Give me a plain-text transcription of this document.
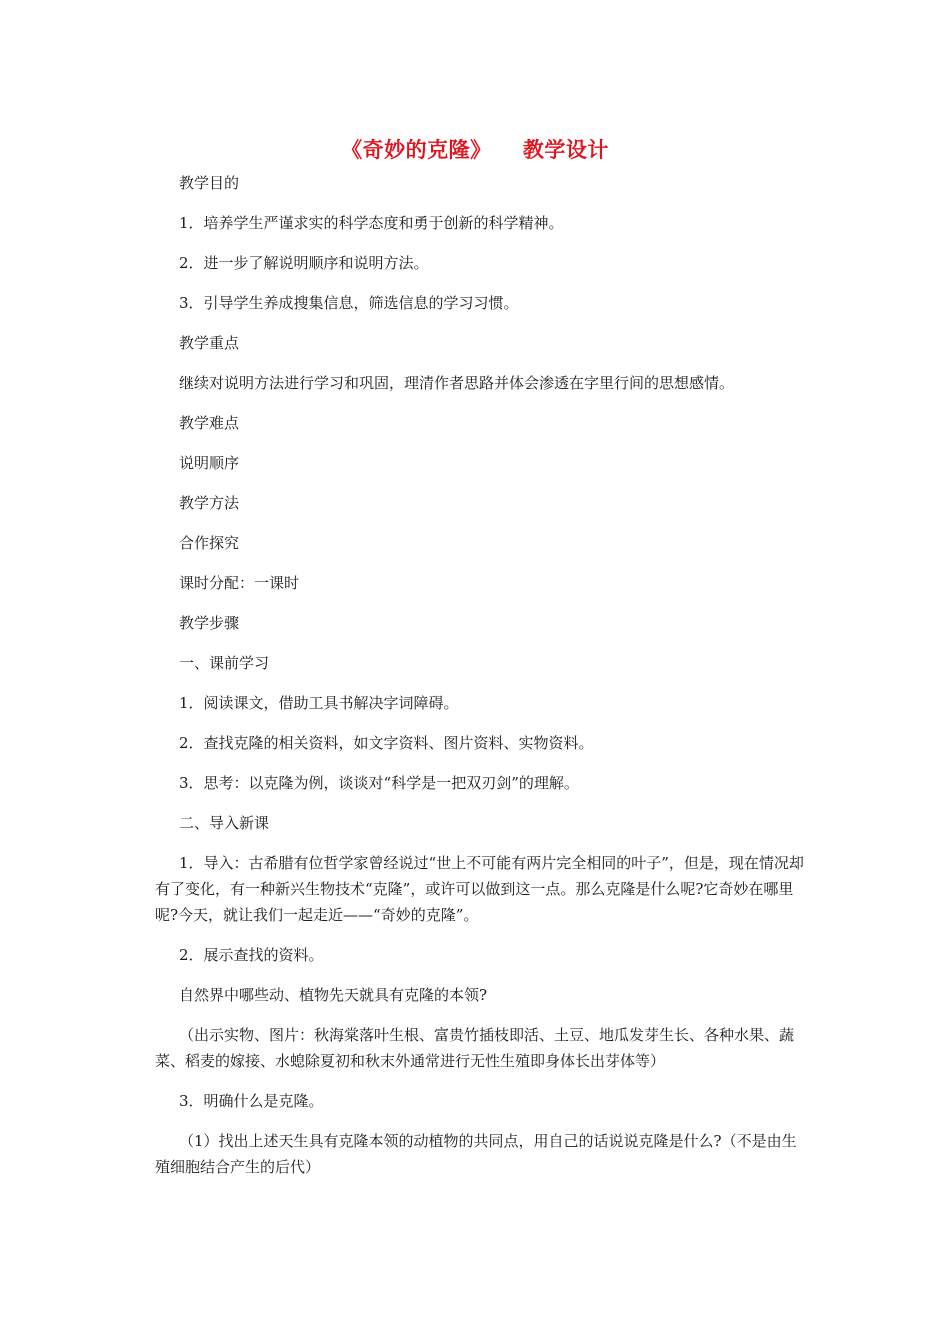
《奇妙的克隆》    教学设计

教学目的

1．培养学生严谨求实的科学态度和勇于创新的科学精神。

2．进一步了解说明顺序和说明方法。

3．引导学生养成搜集信息，筛选信息的学习习惯。

教学重点

继续对说明方法进行学习和巩固，理清作者思路并体会渗透在字里行间的思想感情。

教学难点

说明顺序

教学方法

合作探究

课时分配：一课时

教学步骤

一、课前学习

1．阅读课文，借助工具书解决字词障碍。

2．查找克隆的相关资料，如文字资料、图片资料、实物资料。

3．思考：以克隆为例，谈谈对“科学是一把双刃剑”的理解。

二、导入新课

1．导入：古希腊有位哲学家曾经说过“世上不可能有两片完全相同的叶子”，但是，现在情况却有了变化，有一种新兴生物技术“克隆”，或许可以做到这一点。那么克隆是什么呢?它奇妙在哪里呢?今天，就让我们一起走近——“奇妙的克隆”。

2．展示查找的资料。

自然界中哪些动、植物先天就具有克隆的本领?

（出示实物、图片：秋海棠落叶生根、富贵竹插枝即活、土豆、地瓜发芽生长、各种水果、蔬菜、稻麦的嫁接、水螅除夏初和秋末外通常进行无性生殖即身体长出芽体等）

3．明确什么是克隆。

（1）找出上述天生具有克隆本领的动植物的共同点，用自己的话说说克隆是什么?（不是由生殖细胞结合产生的后代）
